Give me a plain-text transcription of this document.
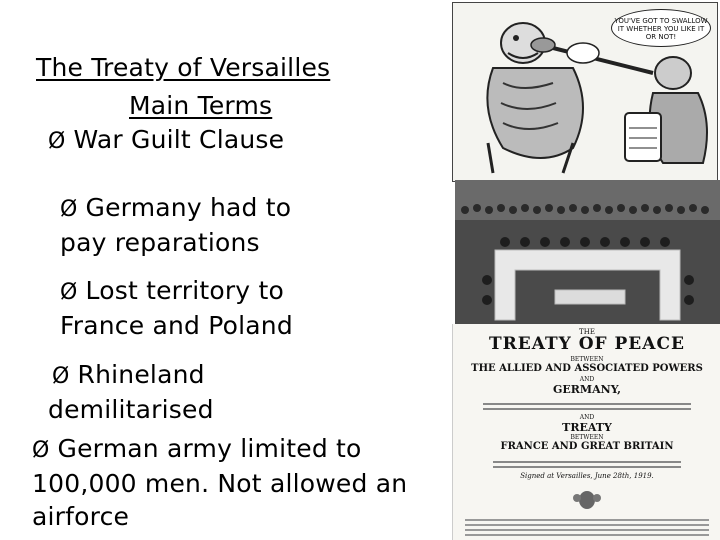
The Treaty of Versailles
Main Terms
Ø War Guilt Clause
Ø Germany had to
pay reparations
Ø Lost territory to
France and Poland
Ø Rhineland
demilitarised
Ø German army limited to
100,000 men. Not allowed an
airforce
YOU'VE GOT TO SWALLOW IT WHETHER YOU LIKE IT OR NOT!
THE
TREATY OF PEACE
BETWEEN
THE ALLIED AND ASSOCIATED POWERS
AND
GERMANY,
AND
TREATY
BETWEEN
FRANCE AND GREAT BRITAIN
Signed at Versailles, June 28th, 1919.
